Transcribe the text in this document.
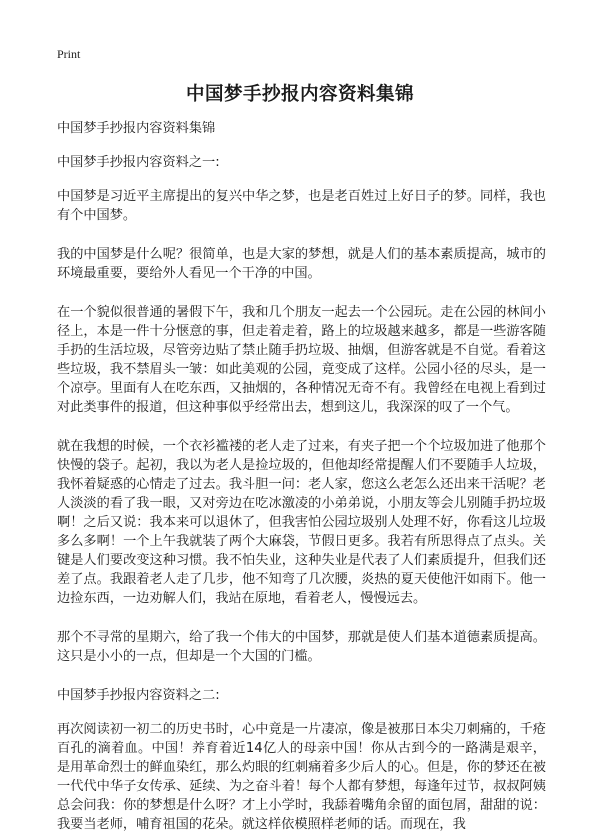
Print
中国梦手抄报内容资料集锦

中国梦手抄报内容资料集锦

中国梦手抄报内容资料之一:

中国梦是习近平主席提出的复兴中华之梦，也是老百姓过上好日子的梦。同样，我也有个中国梦。

我的中国梦是什么呢？很简单，也是大家的梦想，就是人们的基本素质提高，城市的环境最重要，要给外人看见一个干净的中国。

在一个貌似很普通的暑假下午，我和几个朋友一起去一个公园玩。走在公园的林间小径上，本是一件十分惬意的事，但走着走着，路上的垃圾越来越多，都是一些游客随手扔的生活垃圾，尽管旁边贴了禁止随手扔垃圾、抽烟，但游客就是不自觉。看着这些垃圾，我不禁眉头一皱：如此美观的公园，竟变成了这样。公园小径的尽头，是一个凉亭。里面有人在吃东西，又抽烟的，各种情况无奇不有。我曾经在电视上看到过对此类事件的报道，但这种事似乎经常出去，想到这儿，我深深的叹了一个气。

就在我想的时候，一个衣衫褴褛的老人走了过来，有夹子把一个个垃圾加进了他那个快慢的袋子。起初，我以为老人是捡垃圾的，但他却经常提醒人们不要随手人垃圾，我怀着疑惑的心情走了过去。我斗胆一问：老人家，您这么老怎么还出来干活呢？老人淡淡的看了我一眼，又对旁边在吃冰激凌的小弟弟说，小朋友等会儿别随手扔垃圾啊！之后又说：我本来可以退休了，但我害怕公园垃圾别人处理不好，你看这儿垃圾多么多啊！一个上午我就装了两个大麻袋，节假日更多。我若有所思得点了点头。关键是人们要改变这种习惯。我不怕失业，这种失业是代表了人们素质提升，但我们还差了点。我跟着老人走了几步，他不知弯了几次腰，炎热的夏天使他汗如雨下。他一边捡东西，一边劝解人们，我站在原地，看着老人，慢慢远去。

那个不寻常的星期六，给了我一个伟大的中国梦，那就是使人们基本道德素质提高。这只是小小的一点，但却是一个大国的门槛。

中国梦手抄报内容资料之二:

再次阅读初一初二的历史书时，心中竟是一片凄凉，像是被那日本尖刀刺痛的，千疮百孔的滴着血。中国！养育着近14亿人的母亲中国！你从古到今的一路满是艰辛，是用革命烈士的鲜血染红，那么灼眼的红刺痛着多少后人的心。但是，你的梦还在被一代代中华子女传承、延续、为之奋斗着！每个人都有梦想，每逢年过节，叔叔阿姨总会问我：你的梦想是什么呀？才上小学时，我舔着嘴角余留的面包屑，甜甜的说：我要当老师，哺育祖国的花朵。就这样依模照样老师的话。而现在，我
